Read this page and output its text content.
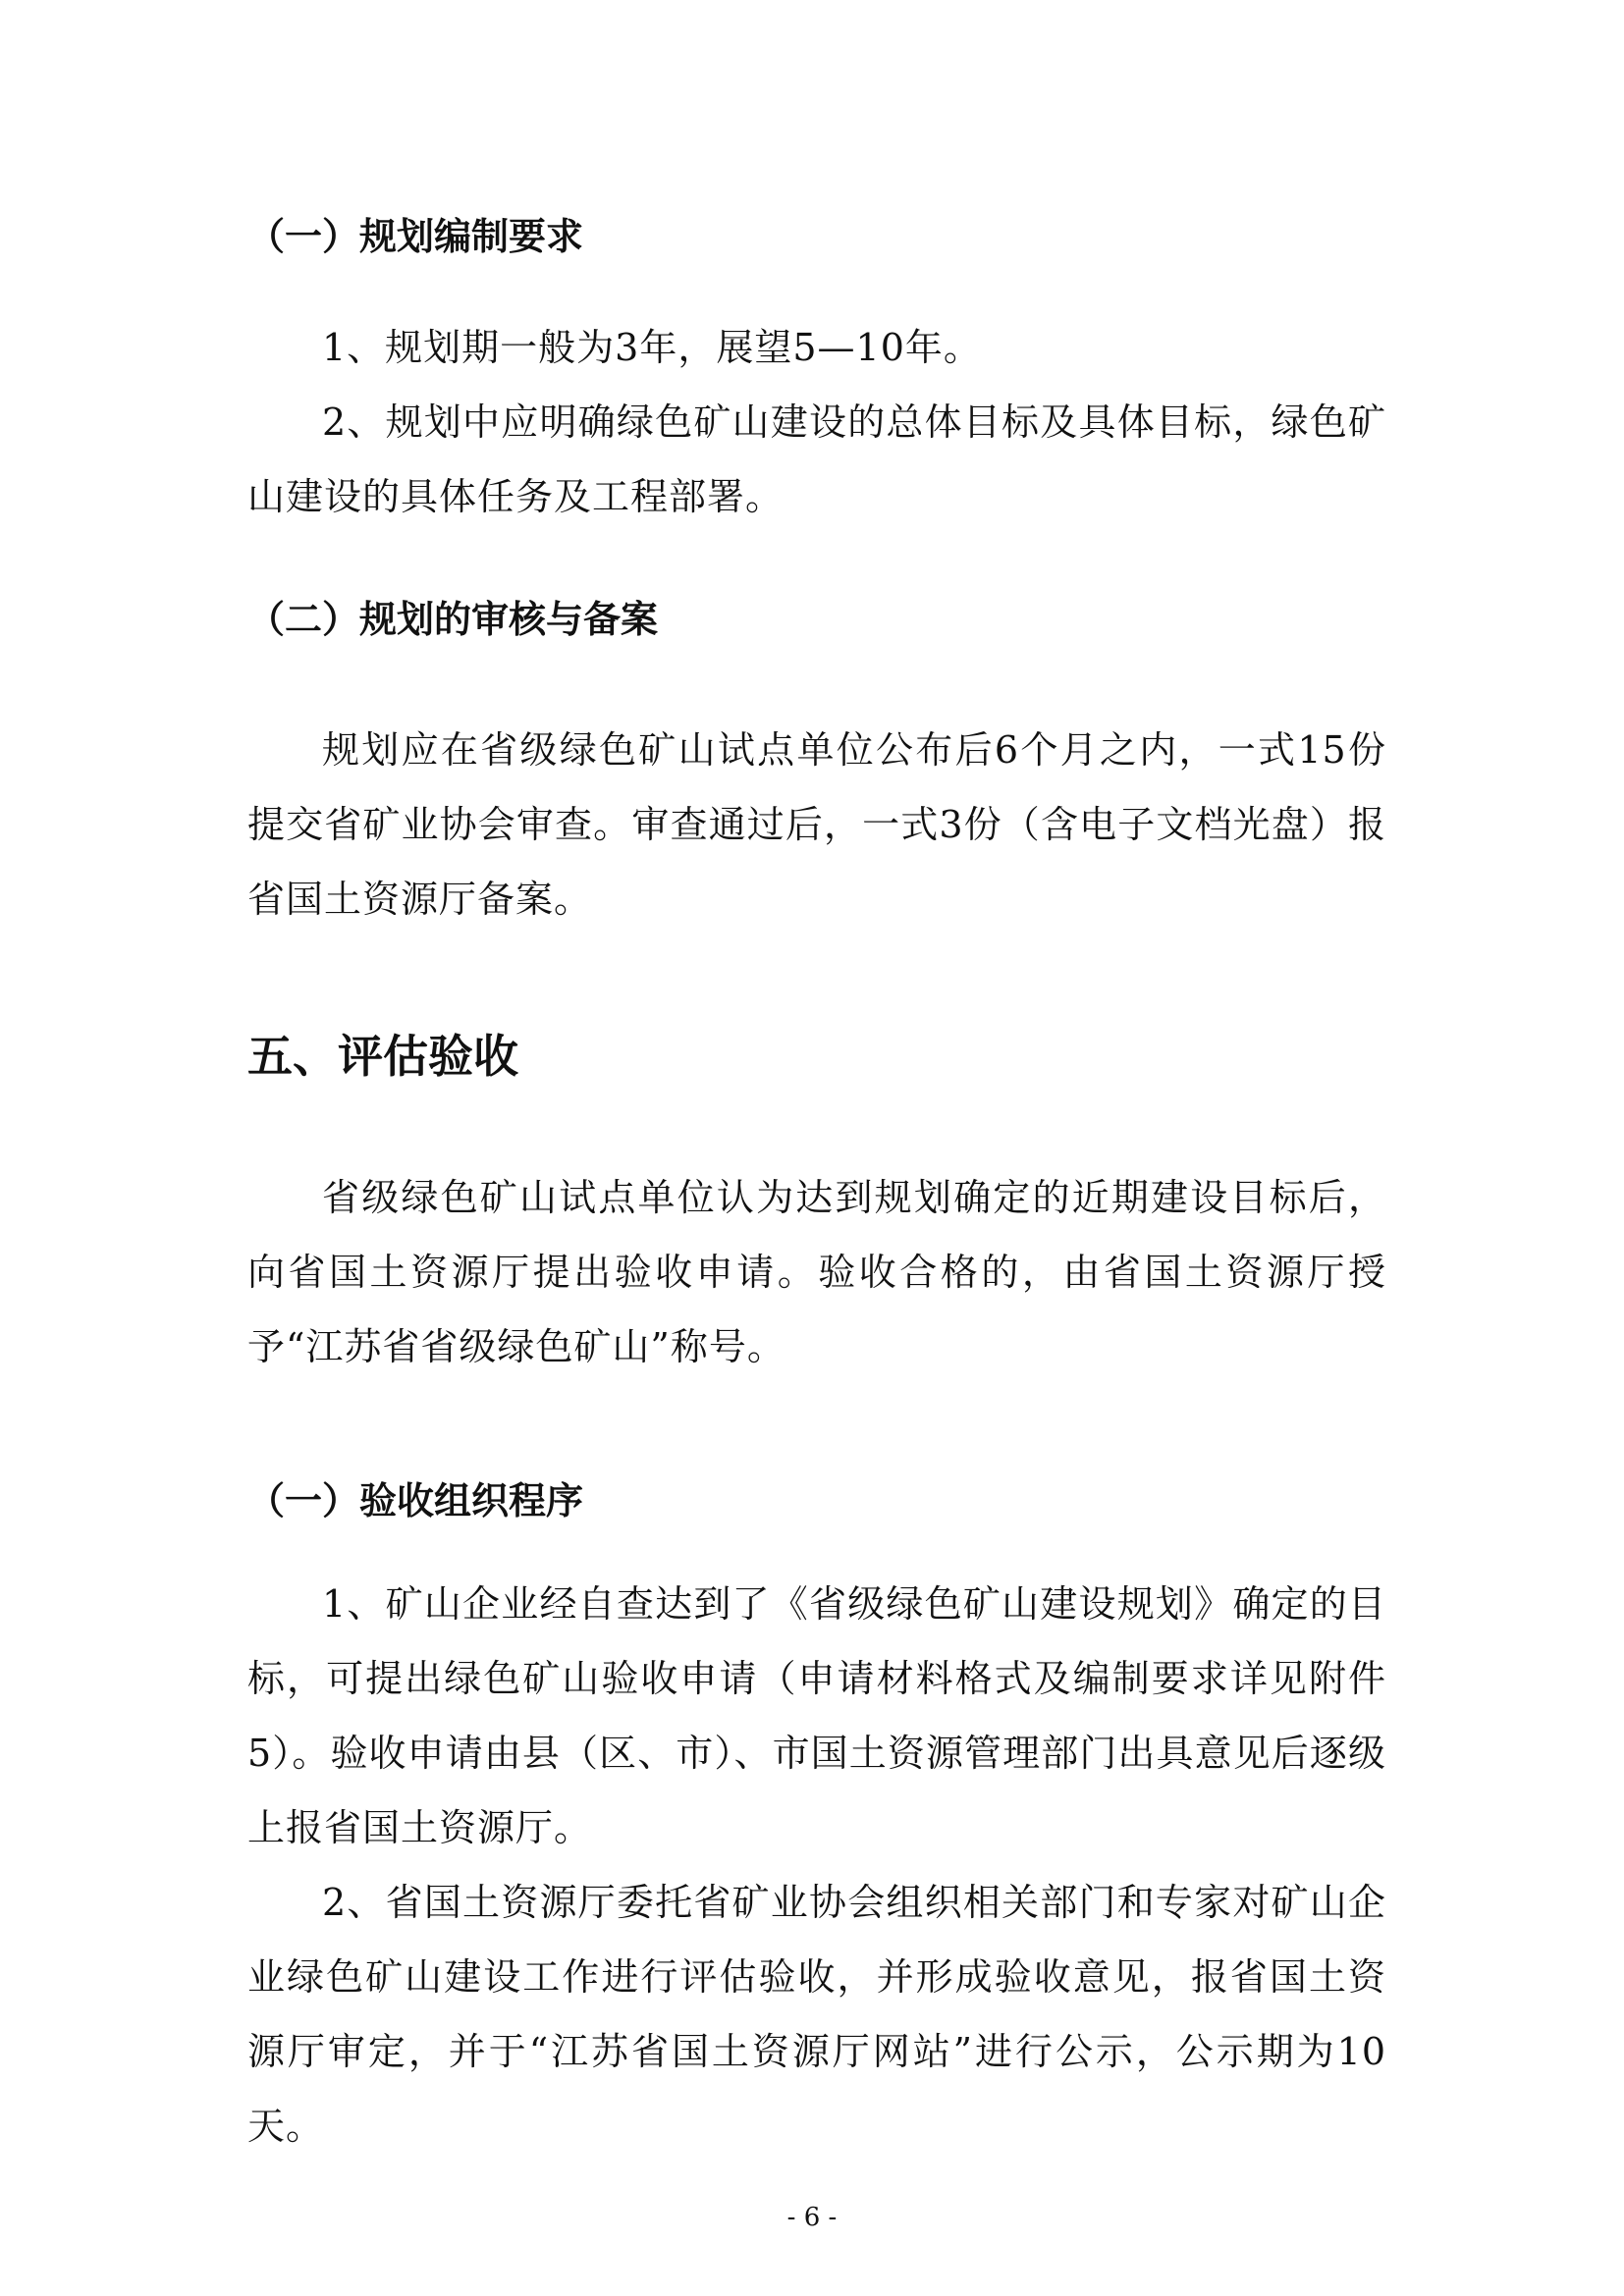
（一）规划编制要求

1、规划期一般为3年，展望5—10年。

2、规划中应明确绿色矿山建设的总体目标及具体目标，绿色矿山建设的具体任务及工程部署。

（二）规划的审核与备案

规划应在省级绿色矿山试点单位公布后6个月之内，一式15份提交省矿业协会审查。审查通过后，一式3份（含电子文档光盘）报省国土资源厅备案。

五、评估验收

省级绿色矿山试点单位认为达到规划确定的近期建设目标后，向省国土资源厅提出验收申请。验收合格的，由省国土资源厅授予“江苏省省级绿色矿山”称号。

（一）验收组织程序

1、矿山企业经自查达到了《省级绿色矿山建设规划》确定的目标，可提出绿色矿山验收申请（申请材料格式及编制要求详见附件5）。验收申请由县（区、市）、市国土资源管理部门出具意见后逐级上报省国土资源厅。

2、省国土资源厅委托省矿业协会组织相关部门和专家对矿山企业绿色矿山建设工作进行评估验收，并形成验收意见，报省国土资源厅审定，并于“江苏省国土资源厅网站”进行公示，公示期为10天。

- 6 -
